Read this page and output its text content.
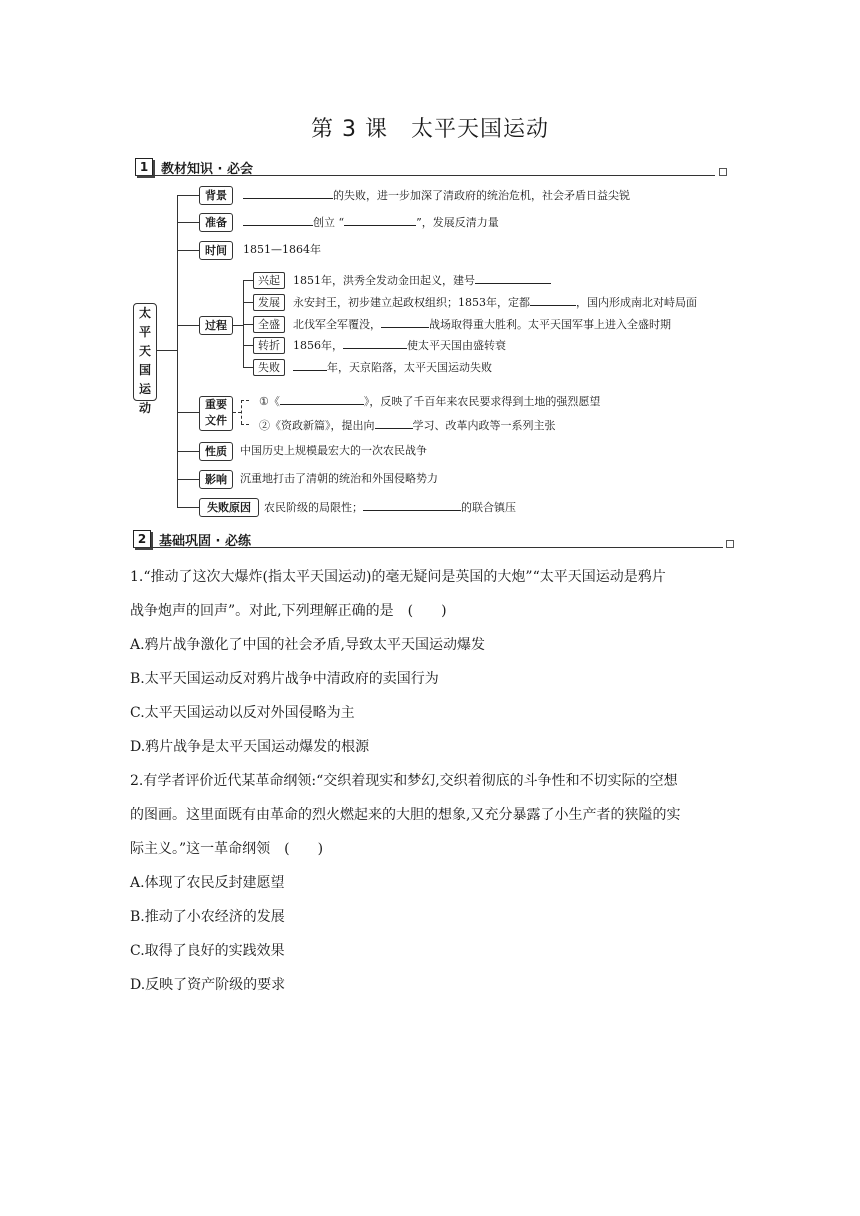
第 3 课　太平天国运动
1 教材知识 · 必会
太平天国运动
背景	的失败，进一步加深了清政府的统治危机，社会矛盾日益尖锐
准备	创立 “	”，发展反清力量
时间	1851—1864年
过程
兴起	1851年，洪秀全发动金田起义，建号
发展	永安封王，初步建立起政权组织；1853年，定都	，国内形成南北对峙局面
全盛	北伐军全军覆没，	战场取得重大胜利。太平天国军事上进入全盛时期
转折	1856年，	使太平天国由盛转衰
失败	年，天京陷落，太平天国运动失败
重要
文件
①《	》，反映了千百年来农民要求得到土地的强烈愿望
②《资政新篇》，提出向	学习、改革内政等一系列主张
性质	中国历史上规模最宏大的一次农民战争
影响	沉重地打击了清朝的统治和外国侵略势力
失败原因	农民阶级的局限性；	的联合镇压
2 基础巩固 · 必练

1.“推动了这次大爆炸(指太平天国运动)的毫无疑问是英国的大炮”“太平天国运动是鸦片

战争炮声的回声”。对此,下列理解正确的是　(　　)

A.鸦片战争激化了中国的社会矛盾,导致太平天国运动爆发

B.太平天国运动反对鸦片战争中清政府的卖国行为

C.太平天国运动以反对外国侵略为主

D.鸦片战争是太平天国运动爆发的根源

2.有学者评价近代某革命纲领:“交织着现实和梦幻,交织着彻底的斗争性和不切实际的空想

的图画。这里面既有由革命的烈火燃起来的大胆的想象,又充分暴露了小生产者的狭隘的实

际主义。”这一革命纲领　(　　)

A.体现了农民反封建愿望

B.推动了小农经济的发展

C.取得了良好的实践效果

D.反映了资产阶级的要求
